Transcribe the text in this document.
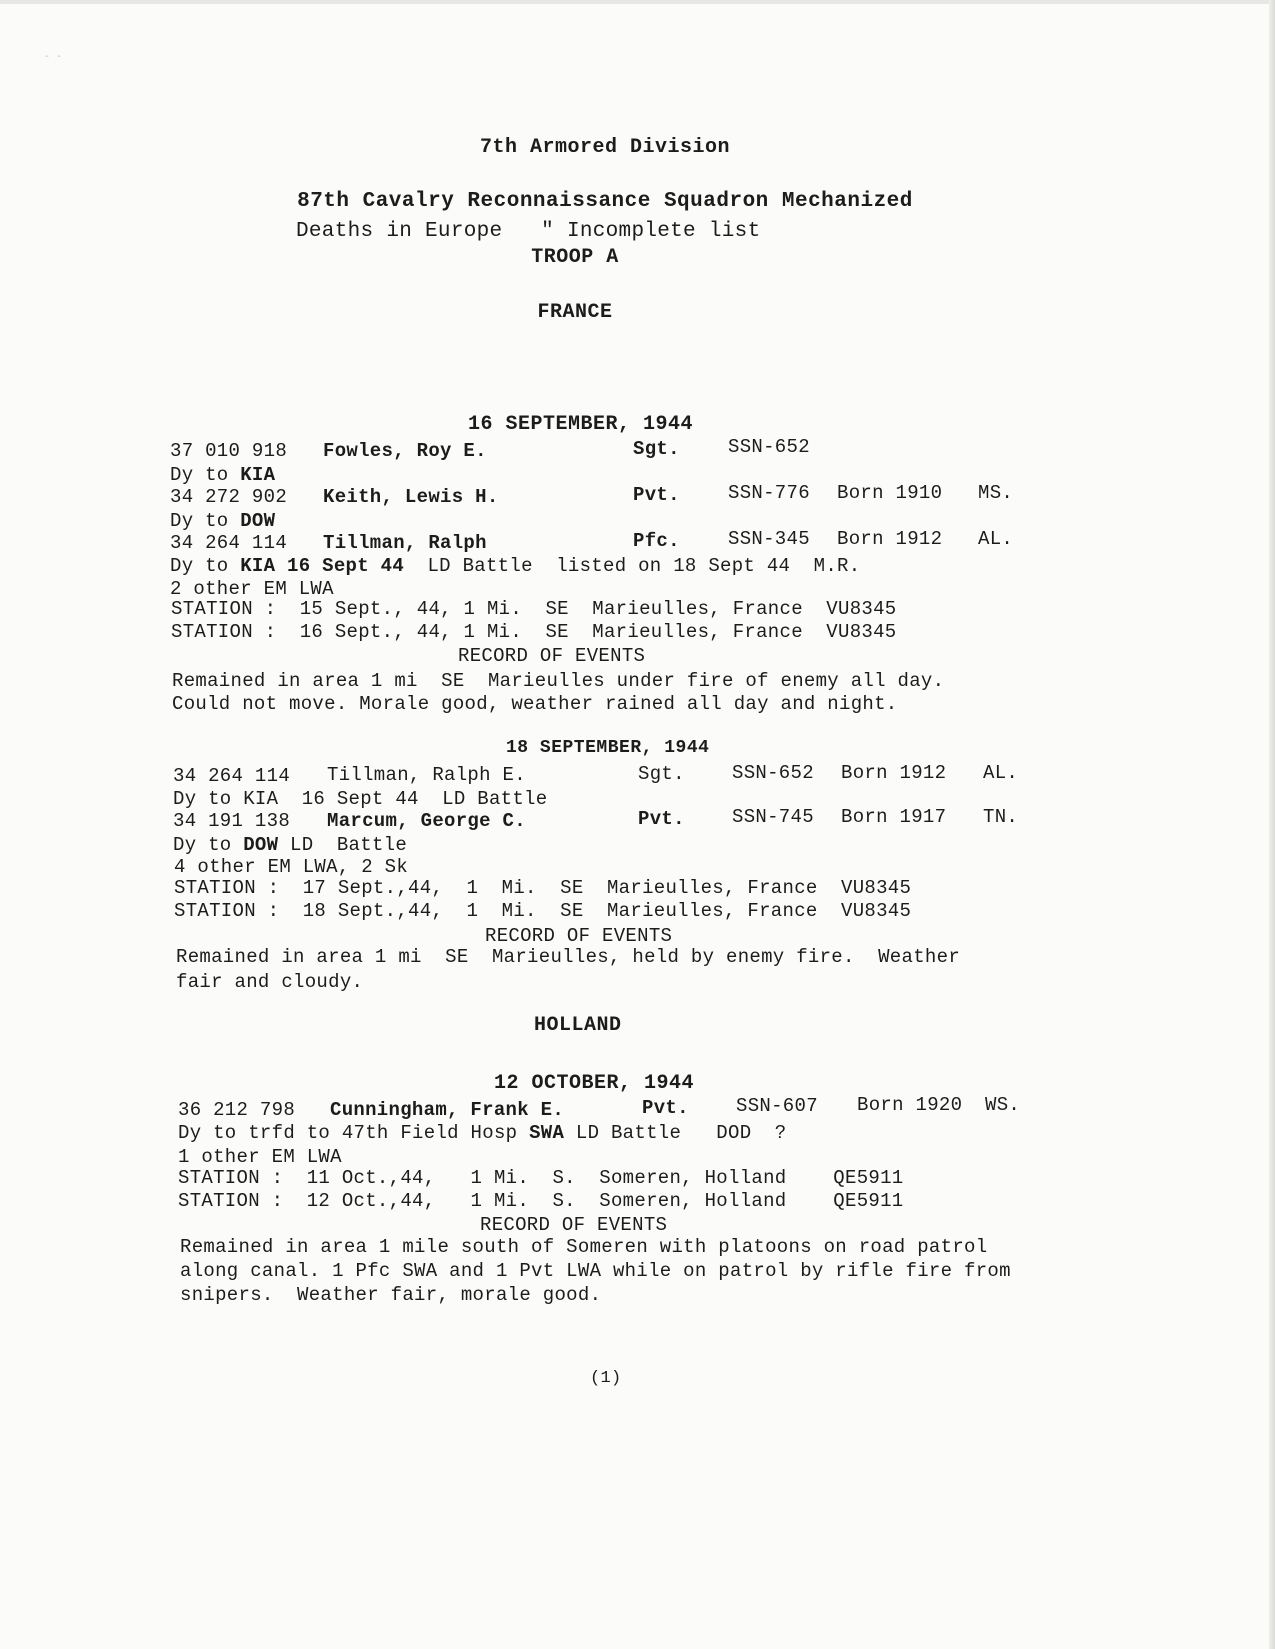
- -
7th Armored Division
87th Cavalry Reconnaissance Squadron Mechanized
Deaths in Europe   " Incomplete list
TROOP A
FRANCE
16 SEPTEMBER, 1944
37 010 918 Fowles, Roy E.	Sgt.	SSN-652
Dy to KIA
34 272 902 Keith, Lewis H.	Pvt.	SSN-776 Born 1910 MS.
Dy to DOW
34 264 114 Tillman, Ralph	Pfc.	SSN-345 Born 1912 AL.
Dy to KIA 16 Sept 44 LD Battle  listed on 18 Sept 44  M.R.
2 other EM LWA
STATION :  15 Sept., 44, 1 Mi.  SE  Marieulles, France  VU8345
STATION :  16 Sept., 44, 1 Mi.  SE  Marieulles, France  VU8345
RECORD OF EVENTS
Remained in area 1 mi  SE  Marieulles under fire of enemy all day.
Could not move. Morale good, weather rained all day and night.
18 SEPTEMBER, 1944
34 264 114 Tillman, Ralph E.	Sgt. SSN-652 Born 1912 AL.
Dy to KIA  16 Sept 44  LD Battle
34 191 138 Marcum, George C.	Pvt. SSN-745 Born 1917 TN.
Dy to DOW LD  Battle
4 other EM LWA, 2 Sk
STATION :  17 Sept.,44,  1  Mi.  SE  Marieulles, France  VU8345
STATION :  18 Sept.,44,  1  Mi.  SE  Marieulles, France  VU8345
RECORD OF EVENTS
Remained in area 1 mi  SE  Marieulles, held by enemy fire.  Weather
fair and cloudy.
HOLLAND
12 OCTOBER, 1944
36 212 798 Cunningham, Frank E.	Pvt. SSN-607 Born 1920 WS.
Dy to trfd to 47th Field Hosp SWA LD Battle   DOD  ?
1 other EM LWA
STATION :  11 Oct.,44,   1 Mi.  S.  Someren, Holland    QE5911
STATION :  12 Oct.,44,   1 Mi.  S.  Someren, Holland    QE5911
RECORD OF EVENTS
Remained in area 1 mile south of Someren with platoons on road patrol
along canal. 1 Pfc SWA and 1 Pvt LWA while on patrol by rifle fire from
snipers.  Weather fair, morale good.
(1)
